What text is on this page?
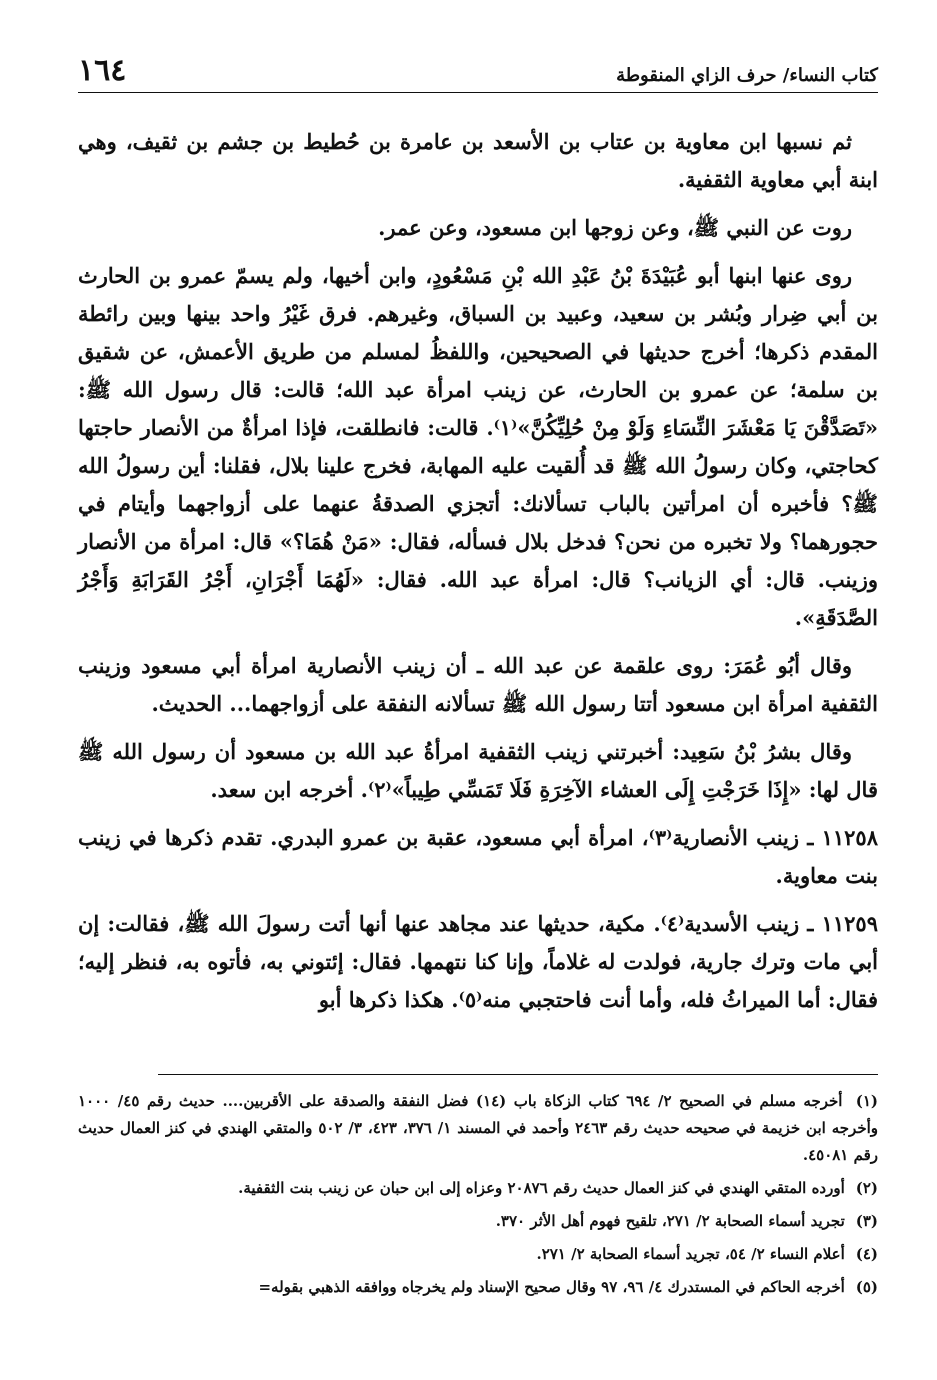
كتاب النساء/ حرف الزاي المنقوطة
١٦٤

ثم نسبها ابن معاوية بن عتاب بن الأسعد بن عامرة بن حُطيط بن جشم بن ثقيف، وهي ابنة أبي معاوية الثقفية.

روت عن النبي ﷺ، وعن زوجها ابن مسعود، وعن عمر.

روى عنها ابنها أبو عُبَيْدَةَ بْنُ عَبْدِ الله بْنِ مَسْعُودٍ، وابن أخيها، ولم يسمّ عمرو بن الحارث بن أبي ضِرار وبُشر بن سعيد، وعبيد بن السباق، وغيرهم. فرق غَيْرُ واحد بينها وبين رائطة المقدم ذكرها؛ أخرج حديثها في الصحيحين، واللفظُ لمسلم من طريق الأعمش، عن شقيق بن سلمة؛ عن عمرو بن الحارث، عن زينب امرأة عبد الله؛ قالت: قال رسول الله ﷺ: «تَصَدَّقْنَ يَا مَعْشَرَ النِّسَاءِ وَلَوْ مِنْ حُلِيِّكُنَّ»⁽١⁾. قالت: فانطلقت، فإذا امرأةٌ من الأنصار حاجتها كحاجتي، وكان رسولُ الله ﷺ قد أُلقيت عليه المهابة، فخرج علينا بلال، فقلنا: أين رسولُ الله ﷺ؟ فأخبره أن امرأتين بالباب تسألانك: أتجزي الصدقةُ عنهما على أزواجهما وأيتام في حجورهما؟ ولا تخبره من نحن؟ فدخل بلال فسأله، فقال: «مَنْ هُمَا؟» قال: امرأة من الأنصار وزينب. قال: أي الزيانب؟ قال: امرأة عبد الله. فقال: «لَهُمَا أَجْرَانِ، أَجْرُ القَرَابَةِ وَأَجْرُ الصَّدَقَةِ».

وقال أبُو عُمَرَ: روى علقمة عن عبد الله ـ أن زينب الأنصارية امرأة أبي مسعود وزينب الثقفية امرأة ابن مسعود أتتا رسول الله ﷺ تسألانه النفقة على أزواجهما... الحديث.

وقال بشرُ بْنُ سَعِيد: أخبرتني زينب الثقفية امرأةُ عبد الله بن مسعود أن رسول الله ﷺ قال لها: «إِذَا خَرَجْتِ إِلَى العشاء الآخِرَةِ فَلَا تَمَسِّي طِيباً»⁽٢⁾. أخرجه ابن سعد.

١١٢٥٨ ـ زينب الأنصارية⁽٣⁾، امرأة أبي مسعود، عقبة بن عمرو البدري. تقدم ذكرها في زينب بنت معاوية.

١١٢٥٩ ـ زينب الأسدية⁽٤⁾. مكية، حديثها عند مجاهد عنها أنها أتت رسولَ الله ﷺ، فقالت: إن أبي مات وترك جارية، فولدت له غلاماً، وإنا كنا نتهمها. فقال: إئتوني به، فأتوه به، فنظر إليه؛ فقال: أما الميراثُ فله، وأما أنت فاحتجبي منه⁽٥⁾. هكذا ذكرها أبو

(١) أخرجه مسلم في الصحيح ٢/ ٦٩٤ كتاب الزكاة باب (١٤) فضل النفقة والصدقة على الأقربين.... حديث رقم ٤٥/ ١٠٠٠ وأخرجه ابن خزيمة في صحيحه حديث رقم ٢٤٦٣ وأحمد في المسند ١/ ٣٧٦، ٤٢٣، ٣/ ٥٠٢ والمتقي الهندي في كنز العمال حديث رقم ٤٥٠٨١.

(٢) أورده المتقي الهندي في كنز العمال حديث رقم ٢٠٨٧٦ وعزاه إلى ابن حبان عن زينب بنت الثقفية.

(٣) تجريد أسماء الصحابة ٢/ ٢٧١، تلقيح فهوم أهل الأثر ٣٧٠.

(٤) أعلام النساء ٢/ ٥٤، تجريد أسماء الصحابة ٢/ ٢٧١.

(٥) أخرجه الحاكم في المستدرك ٤/ ٩٦، ٩٧ وقال صحيح الإسناد ولم يخرجاه ووافقه الذهبي بقوله=
